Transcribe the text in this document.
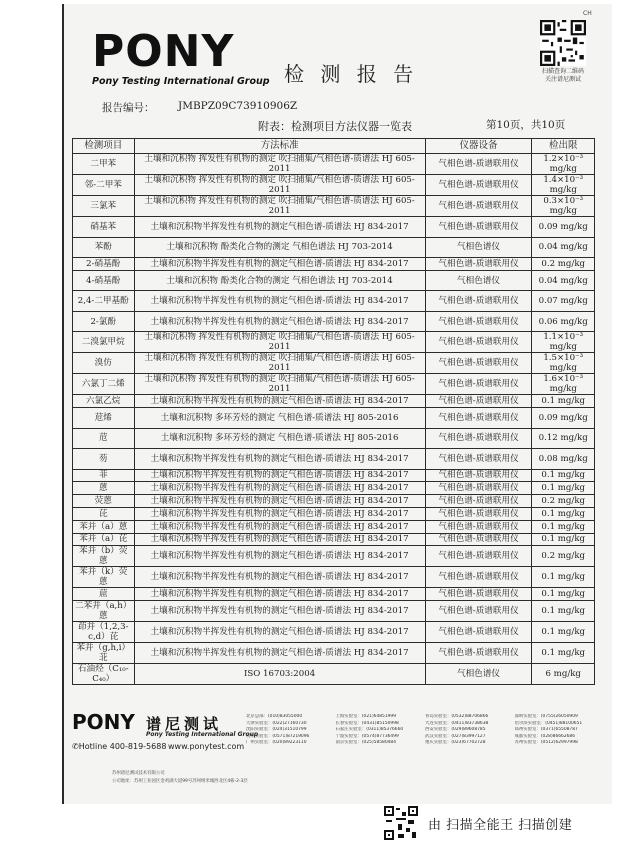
CH
PONY
Pony Testing International Group 检 测 报 告	扫描查询二维码
关注谱尼测试
报告编号： JMBPZ09C73910906Z
附表：检测项目方法仪器一览表	第10页，共10页
检测项目	方法标准	仪器设备	检出限
二甲苯	土壤和沉积物 挥发性有机物的测定 吹扫捕集/气相色谱-质谱法 HJ 605-2011	气相色谱-质谱联用仪	1.2×10⁻³ mg/kg
邻-二甲苯	土壤和沉积物 挥发性有机物的测定 吹扫捕集/气相色谱-质谱法 HJ 605-2011	气相色谱-质谱联用仪	1.4×10⁻³ mg/kg
三氯苯	土壤和沉积物 挥发性有机物的测定 吹扫捕集/气相色谱-质谱法 HJ 605-2011	气相色谱-质谱联用仪	0.3×10⁻³ mg/kg
硝基苯	土壤和沉积物半挥发性有机物的测定气相色谱-质谱法 HJ 834-2017	气相色谱-质谱联用仪	0.09 mg/kg
苯酚	土壤和沉积物 酚类化合物的测定 气相色谱法 HJ 703-2014	气相色谱仪	0.04 mg/kg
2-硝基酚	土壤和沉积物半挥发性有机物的测定气相色谱-质谱法 HJ 834-2017	气相色谱-质谱联用仪	0.2 mg/kg
4-硝基酚	土壤和沉积物 酚类化合物的测定 气相色谱法 HJ 703-2014	气相色谱仪	0.04 mg/kg
2,4-二甲基酚	土壤和沉积物半挥发性有机物的测定气相色谱-质谱法 HJ 834-2017	气相色谱-质谱联用仪	0.07 mg/kg
2-氯酚	土壤和沉积物半挥发性有机物的测定气相色谱-质谱法 HJ 834-2017	气相色谱-质谱联用仪	0.06 mg/kg
二溴氯甲烷	土壤和沉积物 挥发性有机物的测定 吹扫捕集/气相色谱-质谱法 HJ 605-2011	气相色谱-质谱联用仪	1.1×10⁻³ mg/kg
溴仿	土壤和沉积物 挥发性有机物的测定 吹扫捕集/气相色谱-质谱法 HJ 605-2011	气相色谱-质谱联用仪	1.5×10⁻³ mg/kg
六氯丁二烯	土壤和沉积物 挥发性有机物的测定 吹扫捕集/气相色谱-质谱法 HJ 605-2011	气相色谱-质谱联用仪	1.6×10⁻³ mg/kg
六氯乙烷	土壤和沉积物半挥发性有机物的测定气相色谱-质谱法 HJ 834-2017	气相色谱-质谱联用仪	0.1 mg/kg
苊烯	土壤和沉积物 多环芳烃的测定 气相色谱-质谱法 HJ 805-2016	气相色谱-质谱联用仪	0.09 mg/kg
苊	土壤和沉积物 多环芳烃的测定 气相色谱-质谱法 HJ 805-2016	气相色谱-质谱联用仪	0.12 mg/kg
芴	土壤和沉积物半挥发性有机物的测定气相色谱-质谱法 HJ 834-2017	气相色谱-质谱联用仪	0.08 mg/kg
菲	土壤和沉积物半挥发性有机物的测定气相色谱-质谱法 HJ 834-2017	气相色谱-质谱联用仪	0.1 mg/kg
蒽	土壤和沉积物半挥发性有机物的测定气相色谱-质谱法 HJ 834-2017	气相色谱-质谱联用仪	0.1 mg/kg
荧蒽	土壤和沉积物半挥发性有机物的测定气相色谱-质谱法 HJ 834-2017	气相色谱-质谱联用仪	0.2 mg/kg
芘	土壤和沉积物半挥发性有机物的测定气相色谱-质谱法 HJ 834-2017	气相色谱-质谱联用仪	0.1 mg/kg
苯并（a）蒽	土壤和沉积物半挥发性有机物的测定气相色谱-质谱法 HJ 834-2017	气相色谱-质谱联用仪	0.1 mg/kg
苯并（a）芘	土壤和沉积物半挥发性有机物的测定气相色谱-质谱法 HJ 834-2017	气相色谱-质谱联用仪	0.1 mg/kg
苯并（b）荧蒽	土壤和沉积物半挥发性有机物的测定气相色谱-质谱法 HJ 834-2017	气相色谱-质谱联用仪	0.2 mg/kg
苯并（k）荧蒽	土壤和沉积物半挥发性有机物的测定气相色谱-质谱法 HJ 834-2017	气相色谱-质谱联用仪	0.1 mg/kg
䓛	土壤和沉积物半挥发性有机物的测定气相色谱-质谱法 HJ 834-2017	气相色谱-质谱联用仪	0.1 mg/kg
二苯并（a,h）蒽	土壤和沉积物半挥发性有机物的测定气相色谱-质谱法 HJ 834-2017	气相色谱-质谱联用仪	0.1 mg/kg
茚并（1,2,3-c,d）芘	土壤和沉积物半挥发性有机物的测定气相色谱-质谱法 HJ 834-2017	气相色谱-质谱联用仪	0.1 mg/kg
苯并（g,h,i）苝	土壤和沉积物半挥发性有机物的测定气相色谱-质谱法 HJ 834-2017	气相色谱-质谱联用仪	0.1 mg/kg
石油烃（C₁₀-C₄₀）	ISO 16703:2004	气相色谱仪	6 mg/kg
PONY 谱尼测试
Pony Testing International Group
✆Hotline 400-819-5688 www.ponytest.com
北京总部：(010)83055000	上海实验室：(021)64851999	青岛实验室：(0532)88706866	深圳实验室：(0755)26050909
天津实验室：(022)27160730	长春实验室：(0431)85150998	大连实验室：(0411)83738638	哈尔滨实验室：(0451)88100651
沈阳实验室：(024)31510799	石家庄实验室：(0311)85376660	西安实验室：(029)89608785	郑州实验室：(0371)65508787
杭州实验室：(0571)87219096	宁波实验室：(0574)87736499	武汉实验室：(027)83997127	成都实验室：(028)86662686
广州实验室：(020)89223110	南京实验室：(025)58580484	重庆实验室：(023)67702728	苏州实验室：(0512)62997998
苏州谱尼测试技术有限公司
公司地址：苏州工业园区金鸡湖大道99号苏州纳米城西北区4栋-2-3层
由 扫描全能王 扫描创建
